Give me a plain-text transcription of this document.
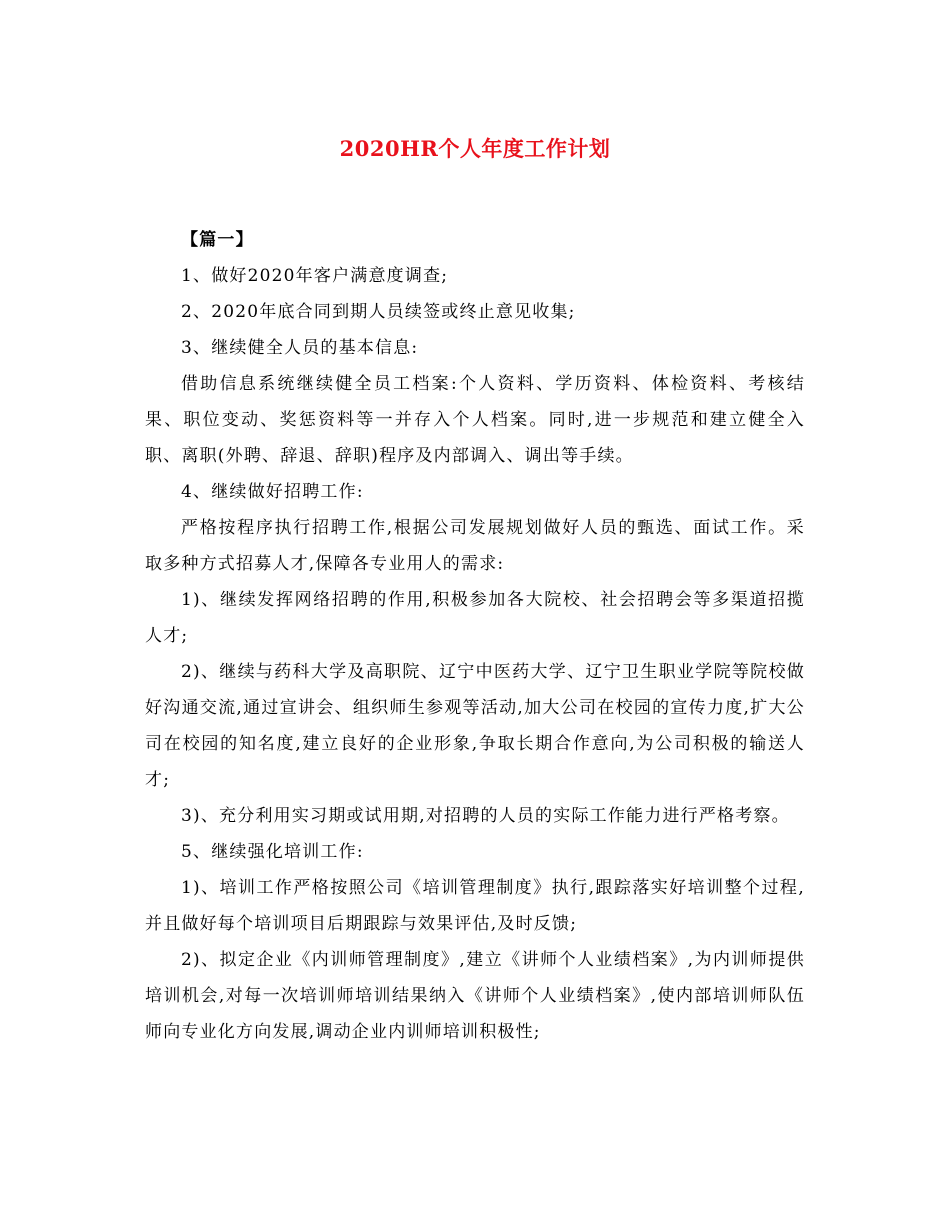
2020HR个人年度工作计划

【篇一】

1、做好2020年客户满意度调查;

2、2020年底合同到期人员续签或终止意见收集;

3、继续健全人员的基本信息:

借助信息系统继续健全员工档案:个人资料、学历资料、体检资料、考核结果、职位变动、奖惩资料等一并存入个人档案。同时,进一步规范和建立健全入职、离职(外聘、辞退、辞职)程序及内部调入、调出等手续。

4、继续做好招聘工作:

严格按程序执行招聘工作,根据公司发展规划做好人员的甄选、面试工作。采取多种方式招募人才,保障各专业用人的需求:

1)、继续发挥网络招聘的作用,积极参加各大院校、社会招聘会等多渠道招揽人才;

2)、继续与药科大学及高职院、辽宁中医药大学、辽宁卫生职业学院等院校做好沟通交流,通过宣讲会、组织师生参观等活动,加大公司在校园的宣传力度,扩大公司在校园的知名度,建立良好的企业形象,争取长期合作意向,为公司积极的输送人才;

3)、充分利用实习期或试用期,对招聘的人员的实际工作能力进行严格考察。

5、继续强化培训工作:

1)、培训工作严格按照公司《培训管理制度》执行,跟踪落实好培训整个过程,并且做好每个培训项目后期跟踪与效果评估,及时反馈;

2)、拟定企业《内训师管理制度》,建立《讲师个人业绩档案》,为内训师提供培训机会,对每一次培训师培训结果纳入《讲师个人业绩档案》,使内部培训师队伍师向专业化方向发展,调动企业内训师培训积极性;
